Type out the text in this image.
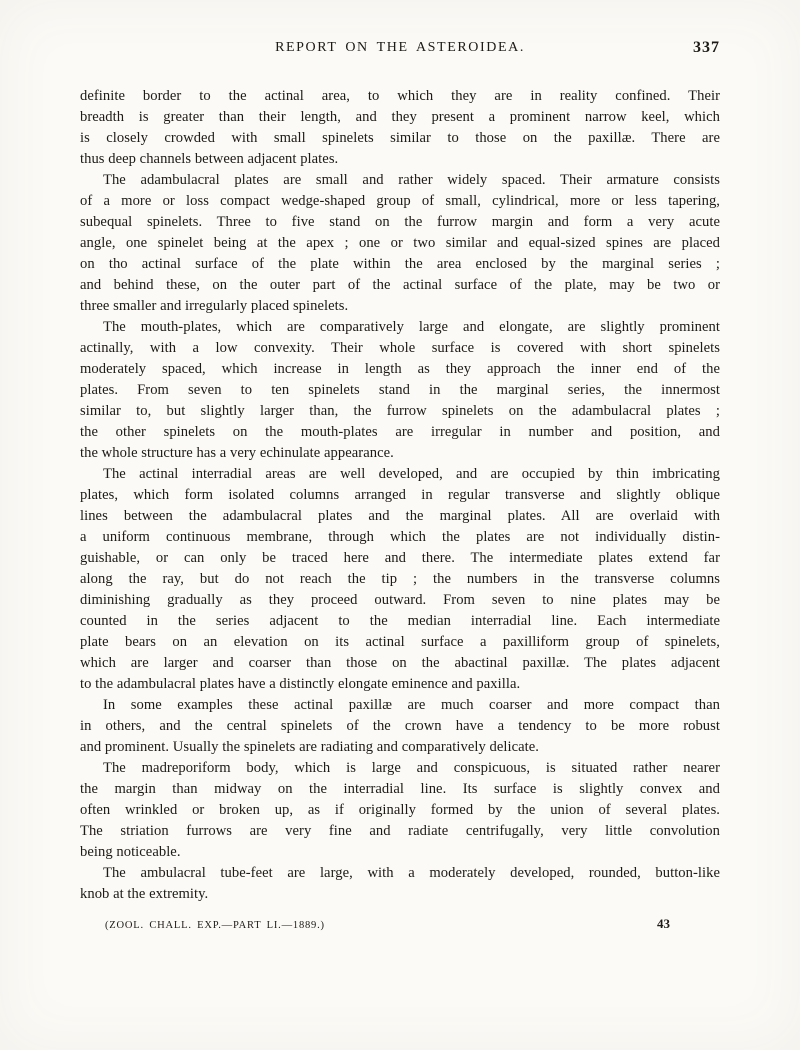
REPORT ON THE ASTEROIDEA.	337
definite border to the actinal area, to which they are in reality confined. Their
breadth is greater than their length, and they present a prominent narrow keel, which
is closely crowded with small spinelets similar to those on the paxillæ. There are
thus deep channels between adjacent plates.
The adambulacral plates are small and rather widely spaced. Their armature consists
of a more or loss compact wedge-shaped group of small, cylindrical, more or less tapering,
subequal spinelets. Three to five stand on the furrow margin and form a very acute
angle, one spinelet being at the apex ; one or two similar and equal-sized spines are placed
on tho actinal surface of the plate within the area enclosed by the marginal series ;
and behind these, on the outer part of the actinal surface of the plate, may be two or
three smaller and irregularly placed spinelets.
The mouth-plates, which are comparatively large and elongate, are slightly prominent
actinally, with a low convexity. Their whole surface is covered with short spinelets
moderately spaced, which increase in length as they approach the inner end of the
plates. From seven to ten spinelets stand in the marginal series, the innermost
similar to, but slightly larger than, the furrow spinelets on the adambulacral plates ;
the other spinelets on the mouth-plates are irregular in number and position, and
the whole structure has a very echinulate appearance.
The actinal interradial areas are well developed, and are occupied by thin imbricating
plates, which form isolated columns arranged in regular transverse and slightly oblique
lines between the adambulacral plates and the marginal plates. All are overlaid with
a uniform continuous membrane, through which the plates are not individually distin-
guishable, or can only be traced here and there. The intermediate plates extend far
along the ray, but do not reach the tip ; the numbers in the transverse columns
diminishing gradually as they proceed outward. From seven to nine plates may be
counted in the series adjacent to the median interradial line. Each intermediate
plate bears on an elevation on its actinal surface a paxilliform group of spinelets,
which are larger and coarser than those on the abactinal paxillæ. The plates adjacent
to the adambulacral plates have a distinctly elongate eminence and paxilla.
In some examples these actinal paxillæ are much coarser and more compact than
in others, and the central spinelets of the crown have a tendency to be more robust
and prominent. Usually the spinelets are radiating and comparatively delicate.
The madreporiform body, which is large and conspicuous, is situated rather nearer
the margin than midway on the interradial line. Its surface is slightly convex and
often wrinkled or broken up, as if originally formed by the union of several plates.
The striation furrows are very fine and radiate centrifugally, very little convolution
being noticeable.
The ambulacral tube-feet are large, with a moderately developed, rounded, button-like
knob at the extremity.
(ZOOL. CHALL. EXP.—PART LI.—1889.)	43
